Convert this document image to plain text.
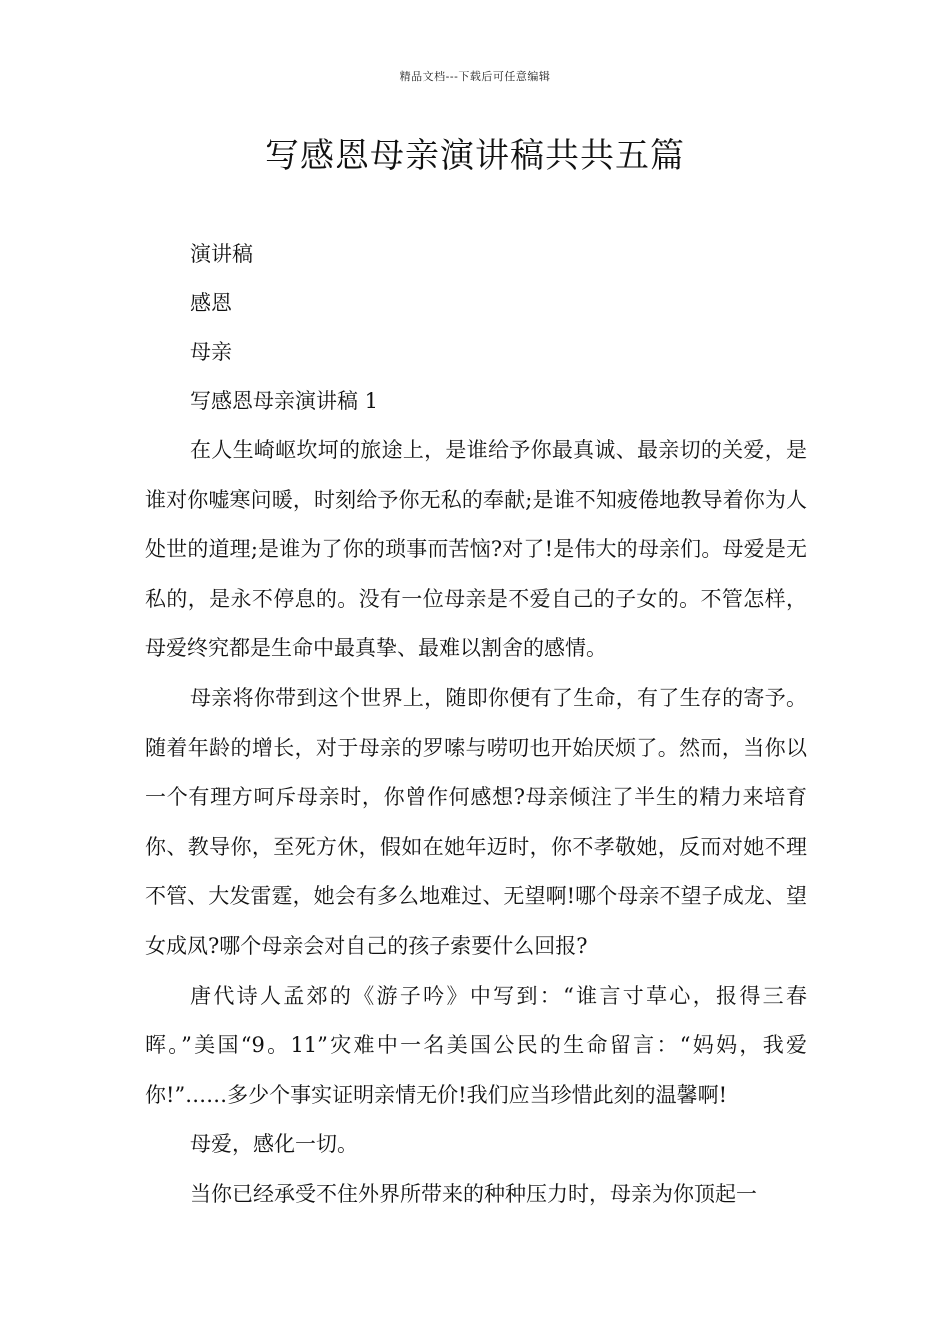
精品文档---下载后可任意编辑
写感恩母亲演讲稿共共五篇

演讲稿

感恩

母亲

写感恩母亲演讲稿 1

在人生崎岖坎坷的旅途上，是谁给予你最真诚、最亲切的关爱，是谁对你嘘寒问暖，时刻给予你无私的奉献;是谁不知疲倦地教导着你为人处世的道理;是谁为了你的琐事而苦恼?对了!是伟大的母亲们。母爱是无私的，是永不停息的。没有一位母亲是不爱自己的子女的。不管怎样，母爱终究都是生命中最真挚、最难以割舍的感情。

母亲将你带到这个世界上，随即你便有了生命，有了生存的寄予。随着年龄的增长，对于母亲的罗嗦与唠叨也开始厌烦了。然而，当你以一个有理方呵斥母亲时，你曾作何感想?母亲倾注了半生的精力来培育你、教导你，至死方休，假如在她年迈时，你不孝敬她，反而对她不理不管、大发雷霆，她会有多么地难过、无望啊!哪个母亲不望子成龙、望女成凤?哪个母亲会对自己的孩子索要什么回报?

唐代诗人孟郊的《游子吟》中写到：“谁言寸草心，报得三春晖。”美国“9。11”灾难中一名美国公民的生命留言：“妈妈，我爱你!”……多少个事实证明亲情无价!我们应当珍惜此刻的温馨啊!

母爱，感化一切。

当你已经承受不住外界所带来的种种压力时，母亲为你顶起一
